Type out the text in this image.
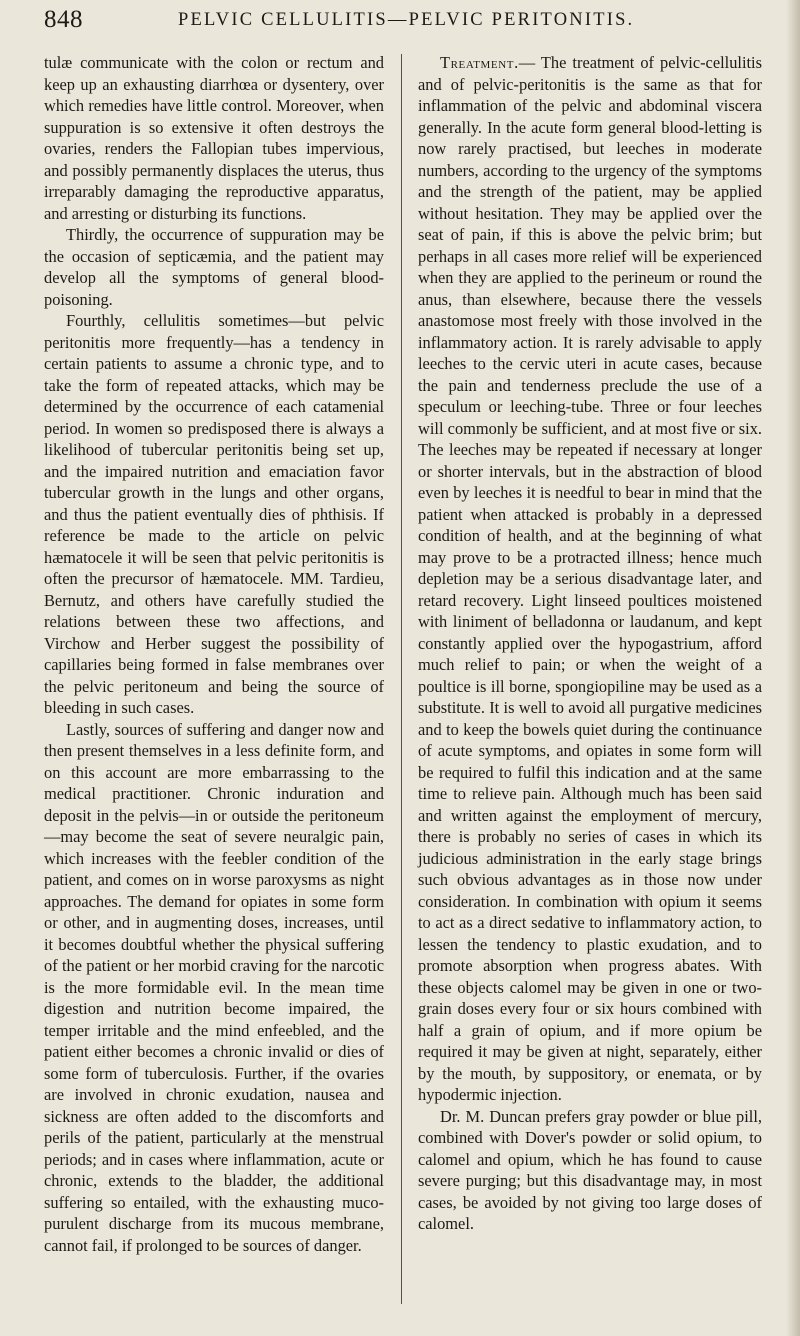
848	PELVIC CELLULITIS—PELVIC PERITONITIS.

tulæ communicate with the colon or rectum and keep up an exhausting diarrhœa or dysentery, over which remedies have little control. Moreover, when suppuration is so extensive it often destroys the ovaries, renders the Fallopian tubes impervious, and possibly permanently displaces the uterus, thus irreparably damaging the reproductive apparatus, and arresting or disturbing its functions.

Thirdly, the occurrence of suppuration may be the occasion of septicæmia, and the patient may develop all the symptoms of general blood-poisoning.

Fourthly, cellulitis sometimes—but pelvic peritonitis more frequently—has a tendency in certain patients to assume a chronic type, and to take the form of repeated attacks, which may be determined by the occurrence of each catamenial period. In women so predisposed there is always a likelihood of tubercular peritonitis being set up, and the impaired nutrition and emaciation favor tubercular growth in the lungs and other organs, and thus the patient eventually dies of phthisis. If reference be made to the article on pelvic hæmatocele it will be seen that pelvic peritonitis is often the precursor of hæmatocele. MM. Tardieu, Bernutz, and others have carefully studied the relations between these two affections, and Virchow and Herber suggest the possibility of capillaries being formed in false membranes over the pelvic peritoneum and being the source of bleeding in such cases.

Lastly, sources of suffering and danger now and then present themselves in a less definite form, and on this account are more embarrassing to the medical practitioner. Chronic induration and deposit in the pelvis—in or outside the peritoneum—may become the seat of severe neuralgic pain, which increases with the feebler condition of the patient, and comes on in worse paroxysms as night approaches. The demand for opiates in some form or other, and in augmenting doses, increases, until it becomes doubtful whether the physical suffering of the patient or her morbid craving for the narcotic is the more formidable evil. In the mean time digestion and nutrition become impaired, the temper irritable and the mind enfeebled, and the patient either becomes a chronic invalid or dies of some form of tuberculosis. Further, if the ovaries are involved in chronic exudation, nausea and sickness are often added to the discomforts and perils of the patient, particularly at the menstrual periods; and in cases where inflammation, acute or chronic, extends to the bladder, the additional suffering so entailed, with the exhausting muco-purulent discharge from its mucous membrane, cannot fail, if prolonged to be sources of danger.

Treatment.— The treatment of pelvic-cellulitis and of pelvic-peritonitis is the same as that for inflammation of the pelvic and abdominal viscera generally. In the acute form general blood-letting is now rarely practised, but leeches in moderate numbers, according to the urgency of the symptoms and the strength of the patient, may be applied without hesitation. They may be applied over the seat of pain, if this is above the pelvic brim; but perhaps in all cases more relief will be experienced when they are applied to the perineum or round the anus, than elsewhere, because there the vessels anastomose most freely with those involved in the inflammatory action. It is rarely advisable to apply leeches to the cervic uteri in acute cases, because the pain and tenderness preclude the use of a speculum or leeching-tube. Three or four leeches will commonly be sufficient, and at most five or six. The leeches may be repeated if necessary at longer or shorter intervals, but in the abstraction of blood even by leeches it is needful to bear in mind that the patient when attacked is probably in a depressed condition of health, and at the beginning of what may prove to be a protracted illness; hence much depletion may be a serious disadvantage later, and retard recovery. Light linseed poultices moistened with liniment of belladonna or laudanum, and kept constantly applied over the hypogastrium, afford much relief to pain; or when the weight of a poultice is ill borne, spongiopiline may be used as a substitute. It is well to avoid all purgative medicines and to keep the bowels quiet during the continuance of acute symptoms, and opiates in some form will be required to fulfil this indication and at the same time to relieve pain. Although much has been said and written against the employment of mercury, there is probably no series of cases in which its judicious administration in the early stage brings such obvious advantages as in those now under consideration. In combination with opium it seems to act as a direct sedative to inflammatory action, to lessen the tendency to plastic exudation, and to promote absorption when progress abates. With these objects calomel may be given in one or two-grain doses every four or six hours combined with half a grain of opium, and if more opium be required it may be given at night, separately, either by the mouth, by suppository, or enemata, or by hypodermic injection.

Dr. M. Duncan prefers gray powder or blue pill, combined with Dover's powder or solid opium, to calomel and opium, which he has found to cause severe purging; but this disadvantage may, in most cases, be avoided by not giving too large doses of calomel.
